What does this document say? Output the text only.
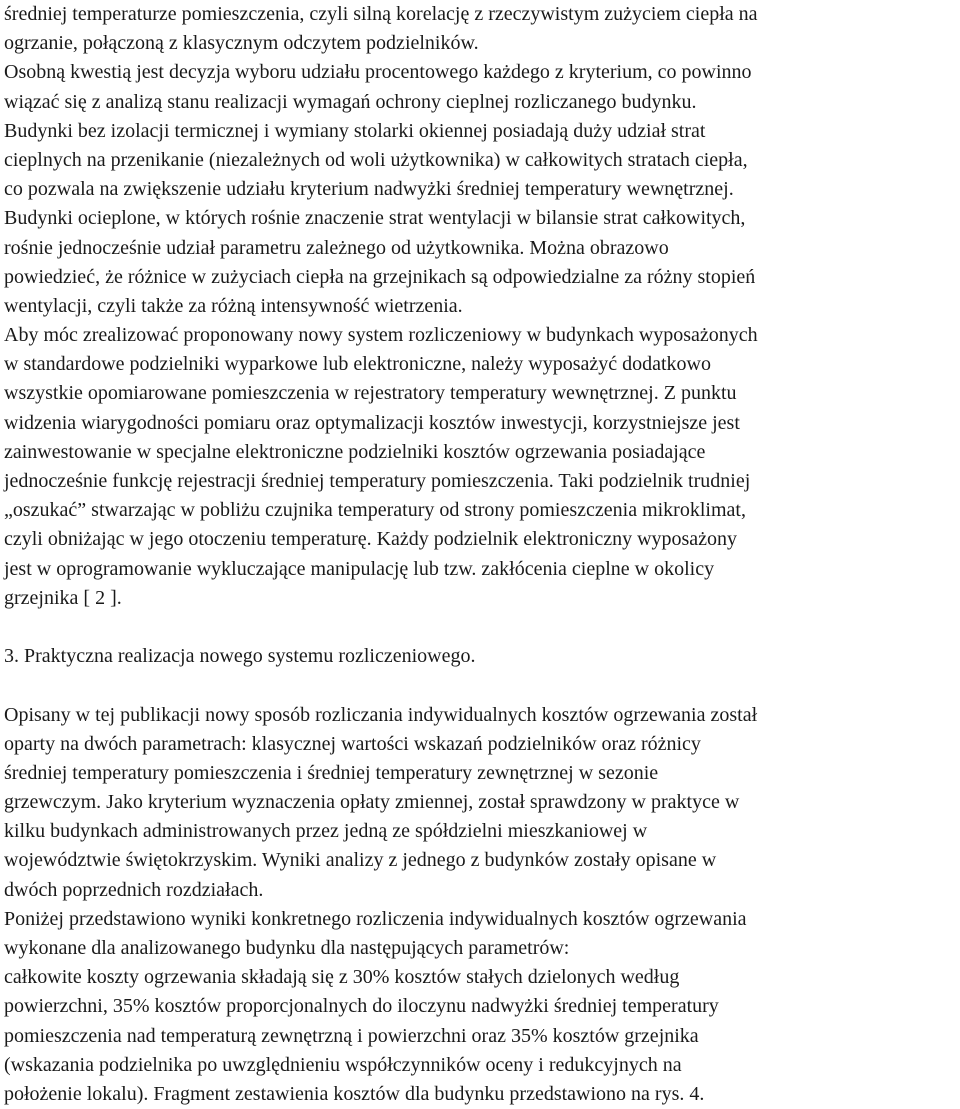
średniej temperaturze pomieszczenia, czyli silną korelację z rzeczywistym zużyciem ciepła na
ogrzanie, połączoną z klasycznym odczytem podzielników.
Osobną kwestią jest decyzja wyboru udziału procentowego każdego z kryterium, co powinno
wiązać się z analizą stanu realizacji wymagań ochrony cieplnej rozliczanego budynku.
Budynki bez izolacji termicznej i wymiany stolarki okiennej posiadają duży udział strat
cieplnych na przenikanie (niezależnych od woli użytkownika) w całkowitych stratach ciepła,
co pozwala na zwiększenie udziału kryterium nadwyżki średniej temperatury wewnętrznej.
Budynki ocieplone, w których rośnie znaczenie strat wentylacji w bilansie strat całkowitych,
rośnie jednocześnie udział parametru zależnego od użytkownika. Można obrazowo
powiedzieć, że różnice w zużyciach ciepła na grzejnikach są odpowiedzialne za różny stopień
wentylacji, czyli także za różną intensywność wietrzenia.
Aby móc zrealizować proponowany nowy system rozliczeniowy w budynkach wyposażonych
w standardowe podzielniki wyparkowe lub elektroniczne, należy wyposażyć dodatkowo
wszystkie opomiarowane pomieszczenia w rejestratory temperatury wewnętrznej. Z punktu
widzenia wiarygodności pomiaru oraz optymalizacji kosztów inwestycji, korzystniejsze jest
zainwestowanie w specjalne elektroniczne podzielniki kosztów ogrzewania posiadające
jednocześnie funkcję rejestracji średniej temperatury pomieszczenia. Taki podzielnik trudniej
„oszukać” stwarzając w pobliżu czujnika temperatury od strony pomieszczenia mikroklimat,
czyli obniżając w jego otoczeniu temperaturę. Każdy podzielnik elektroniczny wyposażony
jest w oprogramowanie wykluczające manipulację lub tzw. zakłócenia cieplne w okolicy
grzejnika [ 2 ].
3. Praktyczna realizacja nowego systemu rozliczeniowego.
Opisany w tej publikacji nowy sposób rozliczania indywidualnych kosztów ogrzewania został
oparty na dwóch parametrach: klasycznej wartości wskazań podzielników oraz różnicy
średniej temperatury pomieszczenia i średniej temperatury zewnętrznej w sezonie
grzewczym. Jako kryterium wyznaczenia opłaty zmiennej, został sprawdzony w praktyce w
kilku budynkach administrowanych przez jedną ze spółdzielni mieszkaniowej w
województwie świętokrzyskim. Wyniki analizy z jednego z budynków zostały opisane w
dwóch poprzednich rozdziałach.
Poniżej przedstawiono wyniki konkretnego rozliczenia indywidualnych kosztów ogrzewania
wykonane dla analizowanego budynku dla następujących parametrów:
całkowite koszty ogrzewania składają się z 30% kosztów stałych dzielonych według
powierzchni, 35% kosztów proporcjonalnych do iloczynu nadwyżki średniej temperatury
pomieszczenia nad temperaturą zewnętrzną i powierzchni oraz 35% kosztów grzejnika
(wskazania podzielnika po uwzględnieniu współczynników oceny i redukcyjnych na
położenie lokalu). Fragment zestawienia kosztów dla budynku przedstawiono na rys. 4.
